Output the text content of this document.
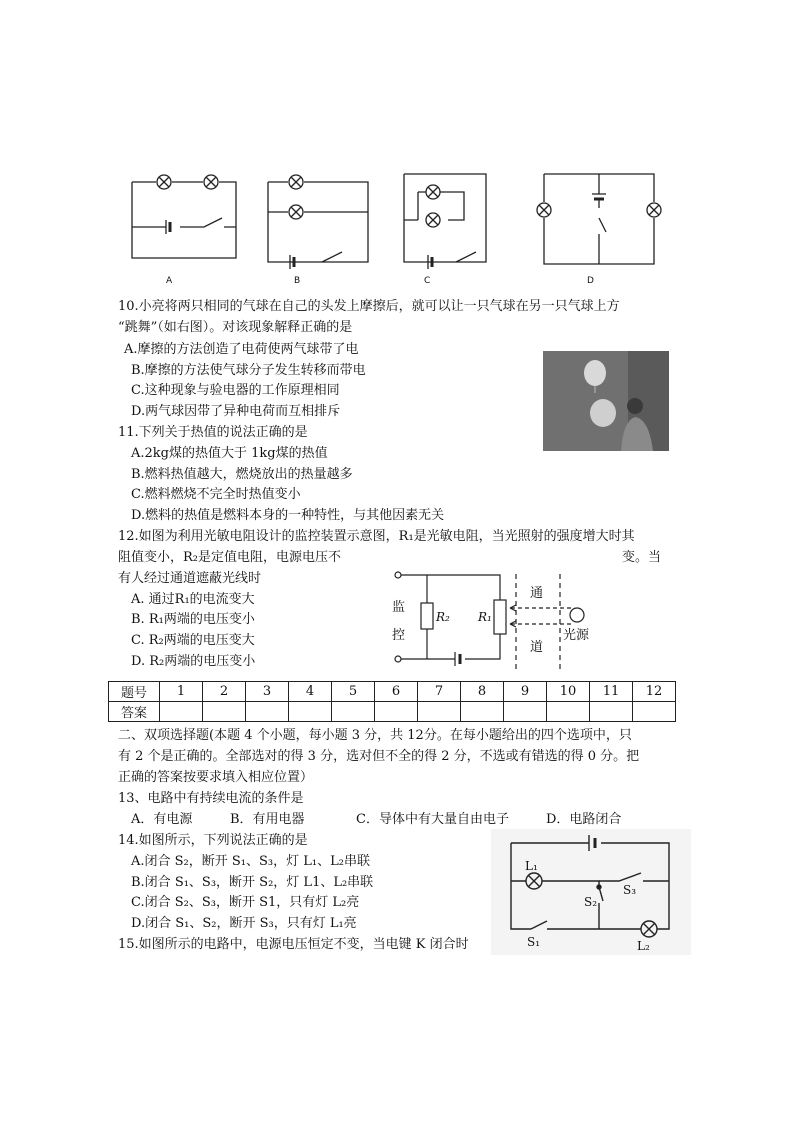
A	B	C	D
10.小亮将两只相同的气球在自己的头发上摩擦后，就可以让一只气球在另一只气球上方
“跳舞”（如右图）。对该现象解释正确的是
A.摩擦的方法创造了电荷使两气球带了电
B.摩擦的方法使气球分子发生转移而带电
C.这种现象与验电器的工作原理相同
D.两气球因带了异种电荷而互相排斥
11.下列关于热值的说法正确的是
A.2kg煤的热值大于 1kg煤的热值
B.燃料热值越大，燃烧放出的热量越多
C.燃料燃烧不完全时热值变小
D.燃料的热值是燃料本身的一种特性，与其他因素无关
12.如图为利用光敏电阻设计的监控装置示意图，R₁是光敏电阻，当光照射的强度增大时其
阻值变小，R₂是定值电阻，电源电压不	变。当
有人经过通道遮蔽光线时
A. 通过R₁的电流变大
B. R₁两端的电压变小
C. R₂两端的电压变大
D. R₂两端的电压变小
监
控
R₂ R₁
通
道
光源
题号	1	2	3	4	5	6	7	8	9	10	11	12
答案												
二、双项选择题(本题 4 个小题，每小题 3 分，共 12分。在每小题给出的四个选项中，只
有 2 个是正确的。全部选对的得 3 分，选对但不全的得 2 分，不选或有错选的得 0 分。把
正确的答案按要求填入相应位置）
13、电路中有持续电流的条件是
A．有电源	B．有用电器	C．导体中有大量自由电子	D．电路闭合
14.如图所示，下列说法正确的是
A.闭合 S₂，断开 S₁、S₃，灯 L₁、L₂串联
B.闭合 S₁、S₃，断开 S₂，灯 L1、L₂串联
C.闭合 S₂、S₃，断开 S1，只有灯 L₂亮
D.闭合 S₁、S₂，断开 S₃，只有灯 L₁亮
L₁
S₃
S₂
S₁	L₂
15.如图所示的电路中，电源电压恒定不变，当电键 K 闭合时
